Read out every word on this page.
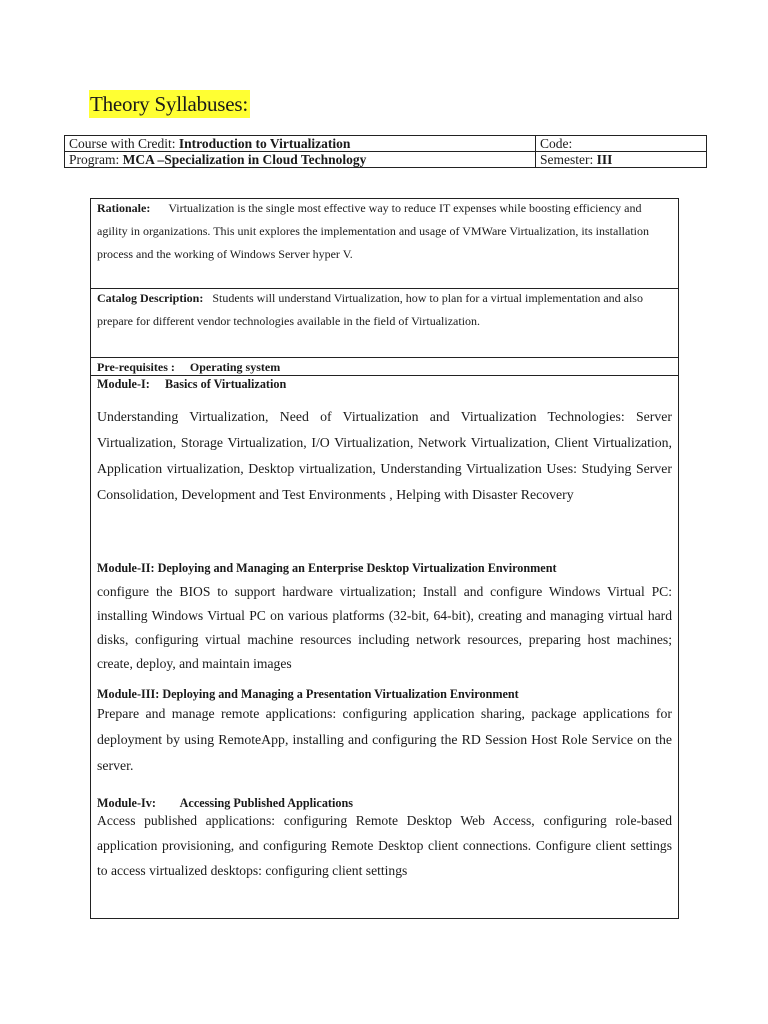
Theory Syllabuses:
Course with Credit: Introduction to Virtualization	Code:
Program: MCA –Specialization in Cloud Technology	Semester: III
Rationale: Virtualization is the single most effective way to reduce IT expenses while boosting efficiency and agility in organizations. This unit explores the implementation and usage of VMWare Virtualization, its installation process and the working of Windows Server hyper V.
Catalog Description: Students will understand Virtualization, how to plan for a virtual implementation and also prepare for different vendor technologies available in the field of Virtualization.
Pre-requisites : Operating system
Module-I:     Basics of Virtualization
Understanding Virtualization, Need of Virtualization and Virtualization Technologies: Server Virtualization, Storage Virtualization, I/O Virtualization, Network Virtualization, Client Virtualization, Application virtualization, Desktop virtualization, Understanding Virtualization Uses: Studying Server Consolidation, Development and Test Environments , Helping with Disaster Recovery
Module-II: Deploying and Managing an Enterprise Desktop Virtualization Environment
configure the BIOS to support hardware virtualization; Install and configure Windows Virtual PC: installing Windows Virtual PC on various platforms (32-bit, 64-bit), creating and managing virtual hard disks, configuring virtual machine resources including network resources, preparing host machines; create, deploy, and maintain images
Module-III: Deploying and Managing a Presentation Virtualization Environment
Prepare and manage remote applications: configuring application sharing, package applications for deployment by using RemoteApp, installing and configuring the RD Session Host Role Service on the server.
Module-Iv:        Accessing Published Applications
Access published applications: configuring Remote Desktop Web Access, configuring role-based application provisioning, and configuring Remote Desktop client connections. Configure client settings to access virtualized desktops: configuring client settings
